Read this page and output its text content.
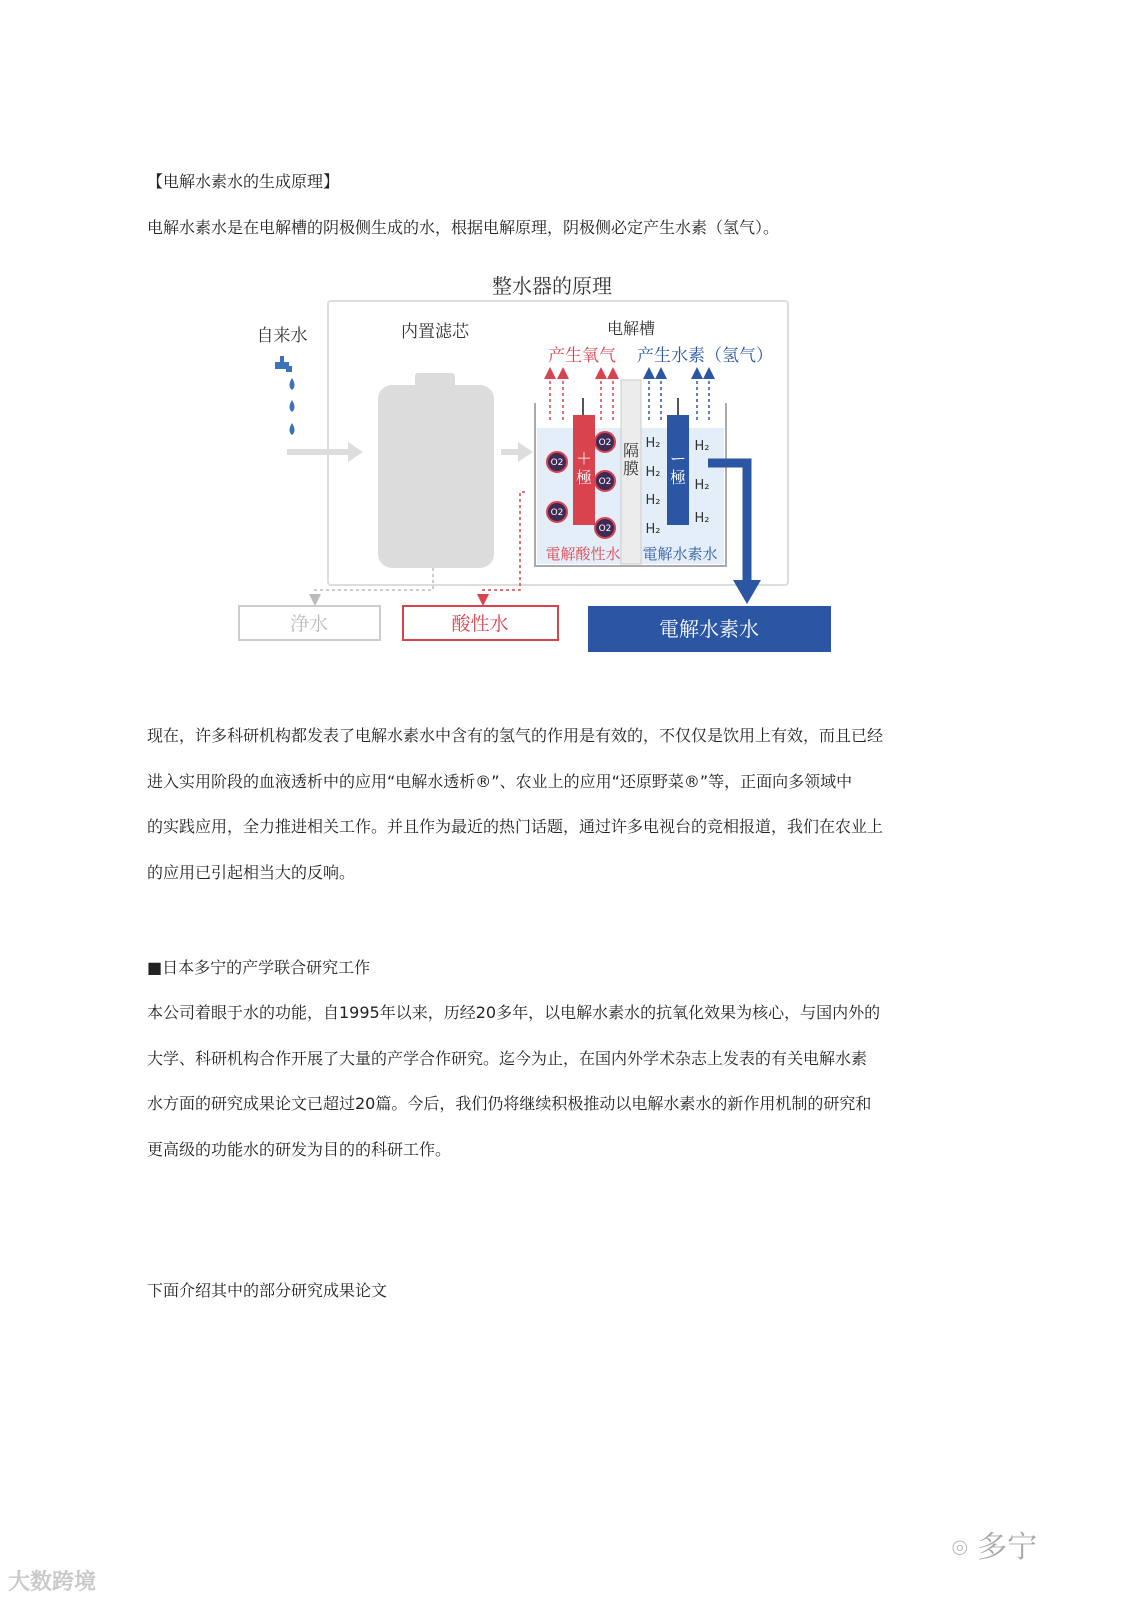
【电解水素水的生成原理】
电解水素水是在电解槽的阴极侧生成的水，根据电解原理，阴极侧必定产生水素（氢气）。
整水器的原理
自来水	内置滤芯	电解槽
产生氧气 产生水素（氢气）
隔
膜
＋
極
ー
極
O2
O2
O2
O2
O2
H₂
H₂
H₂
H₂
H₂
H₂
H₂
電解酸性水 電解水素水
浄水	酸性水	電解水素水

现在，许多科研机构都发表了电解水素水中含有的氢气的作用是有效的，不仅仅是饮用上有效，而且已经

进入实用阶段的血液透析中的应用“电解水透析®”、农业上的应用“还原野菜®”等，正面向多领域中

的实践应用，全力推进相关工作。并且作为最近的热门话题，通过许多电视台的竞相报道，我们在农业上

的应用已引起相当大的反响。

■日本多宁的产学联合研究工作

本公司着眼于水的功能，自1995年以来，历经20多年，以电解水素水的抗氧化效果为核心，与国内外的

大学、科研机构合作开展了大量的产学合作研究。迄今为止，在国内外学术杂志上发表的有关电解水素

水方面的研究成果论文已超过20篇。今后，我们仍将继续积极推动以电解水素水的新作用机制的研究和

更高级的功能水的研发为目的的科研工作。

下面介绍其中的部分研究成果论文
大数跨境
⌾ 多宁
